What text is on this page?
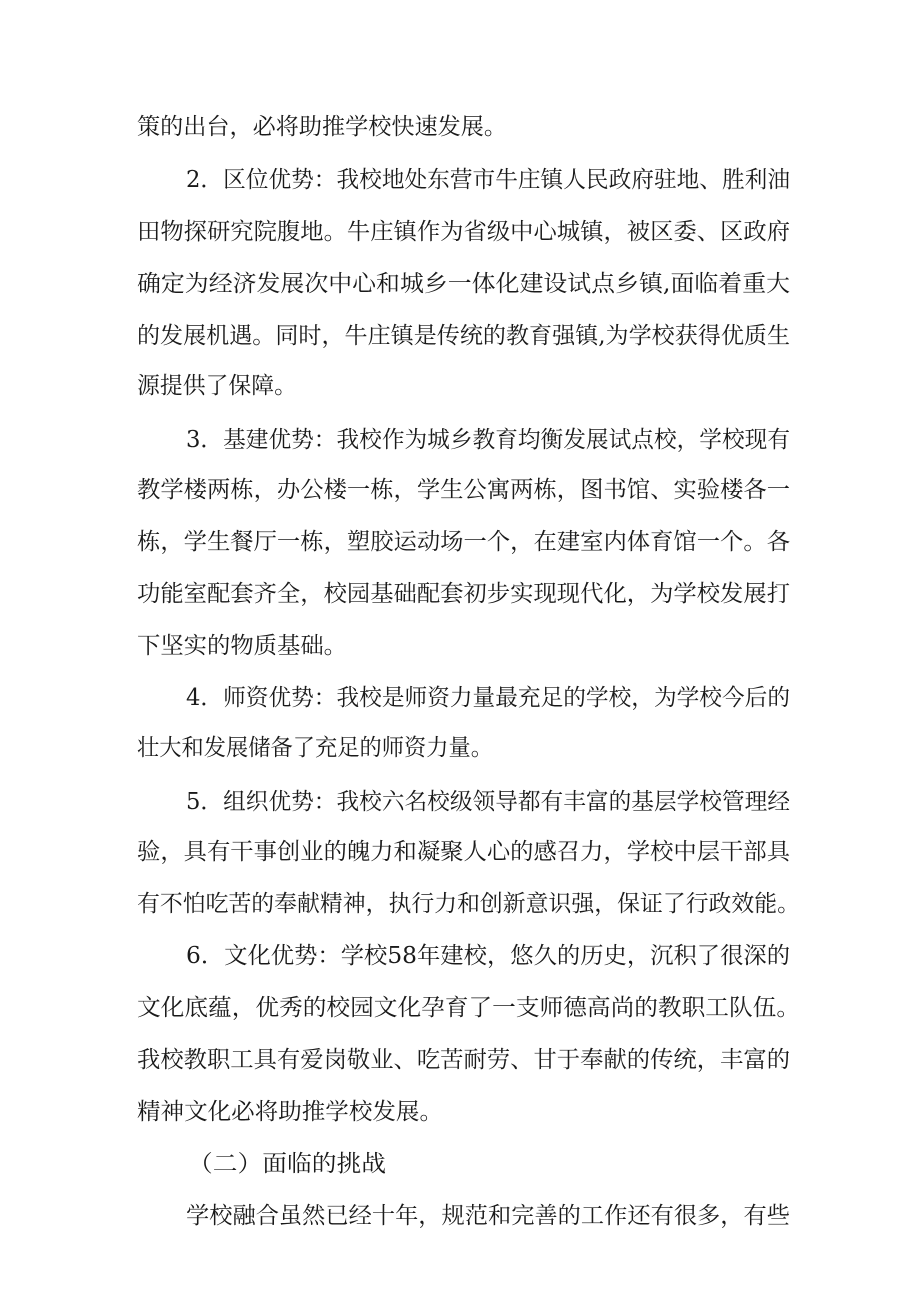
策的出台，必将助推学校快速发展。
2．区位优势：我校地处东营市牛庄镇人民政府驻地、胜利油
田物探研究院腹地。牛庄镇作为省级中心城镇，被区委、区政府
确定为经济发展次中心和城乡一体化建设试点乡镇,面临着重大
的发展机遇。同时，牛庄镇是传统的教育强镇,为学校获得优质生
源提供了保障。
3．基建优势：我校作为城乡教育均衡发展试点校，学校现有
教学楼两栋，办公楼一栋，学生公寓两栋，图书馆、实验楼各一
栋，学生餐厅一栋，塑胶运动场一个，在建室内体育馆一个。各
功能室配套齐全，校园基础配套初步实现现代化，为学校发展打
下坚实的物质基础。
4．师资优势：我校是师资力量最充足的学校，为学校今后的
壮大和发展储备了充足的师资力量。
5．组织优势：我校六名校级领导都有丰富的基层学校管理经
验，具有干事创业的魄力和凝聚人心的感召力，学校中层干部具
有不怕吃苦的奉献精神，执行力和创新意识强，保证了行政效能。
6．文化优势：学校58年建校，悠久的历史，沉积了很深的
文化底蕴，优秀的校园文化孕育了一支师德高尚的教职工队伍。
我校教职工具有爱岗敬业、吃苦耐劳、甘于奉献的传统，丰富的
精神文化必将助推学校发展。
（二）面临的挑战
学校融合虽然已经十年，规范和完善的工作还有很多，有些
